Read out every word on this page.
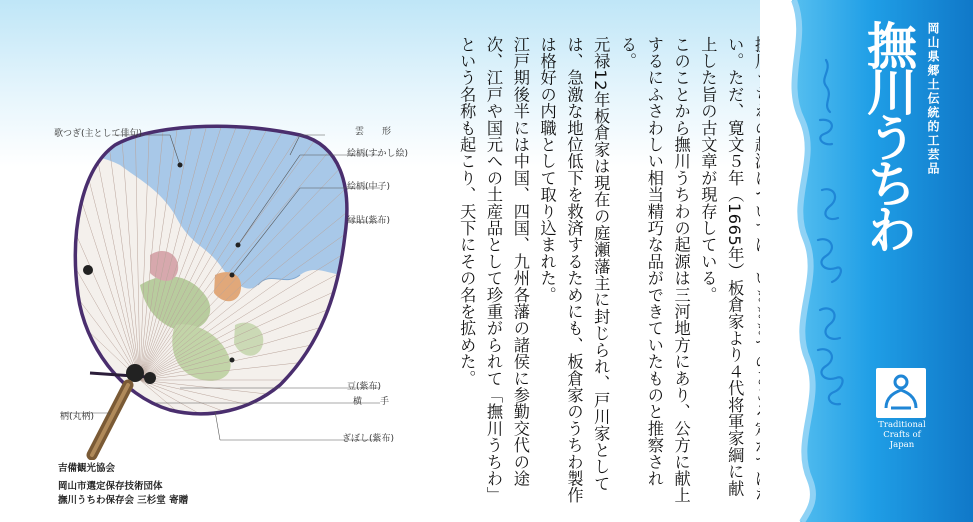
歌つぎ(主として俳句)	雲　　形
絵柄(すかし絵)
絵柄(中子)
縁貼(紫布)
豆(紫布)
横　　手
ぎぼし(紫布)
柄(丸柄)
吉備観光協会
岡山市選定保存技術団体
撫川うちわ保存会 三杉堂 寄贈

い。ただ、寛文５年（1665年）板倉家より４代将軍家綱に献上した旨の古文章が現存している。

このことから撫川うちわの起源は三河地方にあり、公方に献上するにふさわしい相当精巧な品ができていたものと推察される。

元禄12年板倉家は現在の庭瀬藩主に封じられ、戸川家としては、急激な地位低下を救済するためにも、板倉家のうちわ製作は格好の内職として取り込まれた。

江戸期後半には中国、四国、九州各藩の諸侯に参勤交代の途次、江戸や国元への土産品として珍重がられて「撫川うちわ」という名称も起こり、天下にその名を拡めた。	岡山県郷土伝統的工芸品
撫川うちわ
Traditional
Crafts of
Japan
